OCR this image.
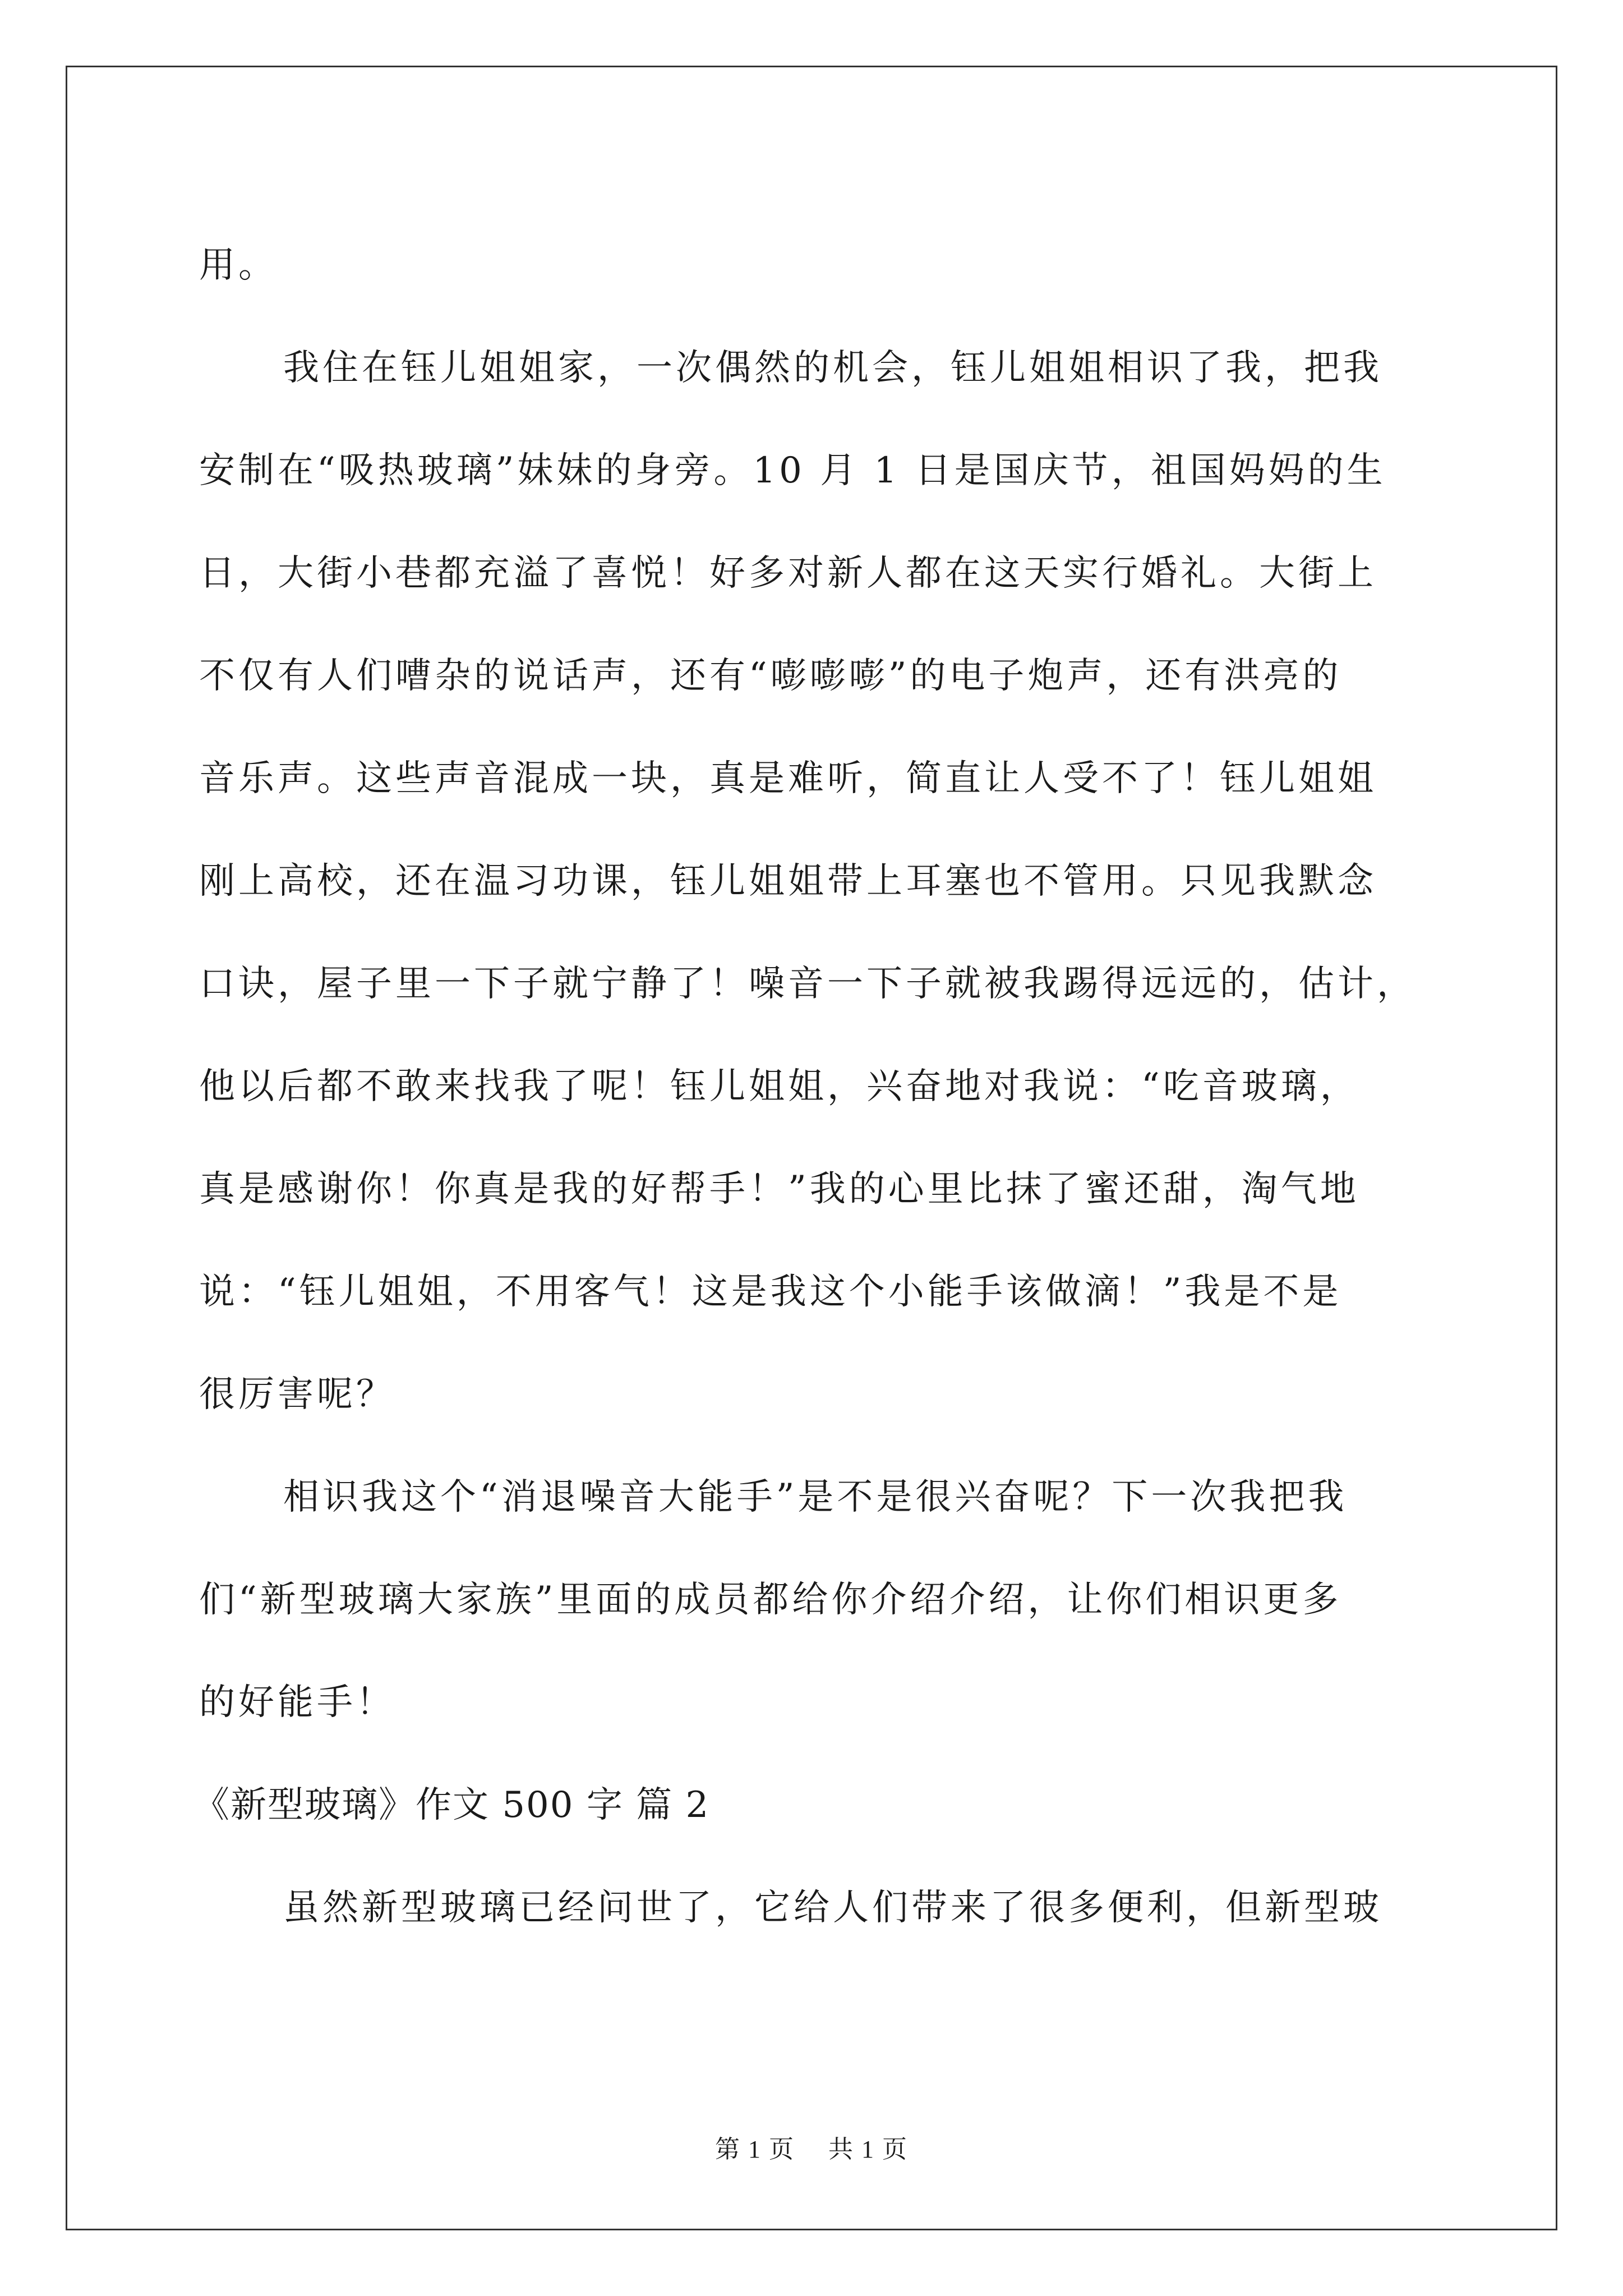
用。
我住在钰儿姐姐家，一次偶然的机会，钰儿姐姐相识了我，把我
安制在“吸热玻璃”妹妹的身旁。10 月 1 日是国庆节，祖国妈妈的生
日，大街小巷都充溢了喜悦！好多对新人都在这天实行婚礼。大街上
不仅有人们嘈杂的说话声，还有“嘭嘭嘭”的电子炮声，还有洪亮的
音乐声。这些声音混成一块，真是难听，简直让人受不了！钰儿姐姐
刚上高校，还在温习功课，钰儿姐姐带上耳塞也不管用。只见我默念
口诀，屋子里一下子就宁静了！噪音一下子就被我踢得远远的，估计，
他以后都不敢来找我了呢！钰儿姐姐，兴奋地对我说：“吃音玻璃，
真是感谢你！你真是我的好帮手！”我的心里比抹了蜜还甜，淘气地
说：“钰儿姐姐，不用客气！这是我这个小能手该做滴！”我是不是
很厉害呢？
相识我这个“消退噪音大能手”是不是很兴奋呢？下一次我把我
们“新型玻璃大家族”里面的成员都给你介绍介绍，让你们相识更多
的好能手！
《新型玻璃》作文 500 字 篇 2
虽然新型玻璃已经问世了，它给人们带来了很多便利，但新型玻
第 1 页 共 1 页
